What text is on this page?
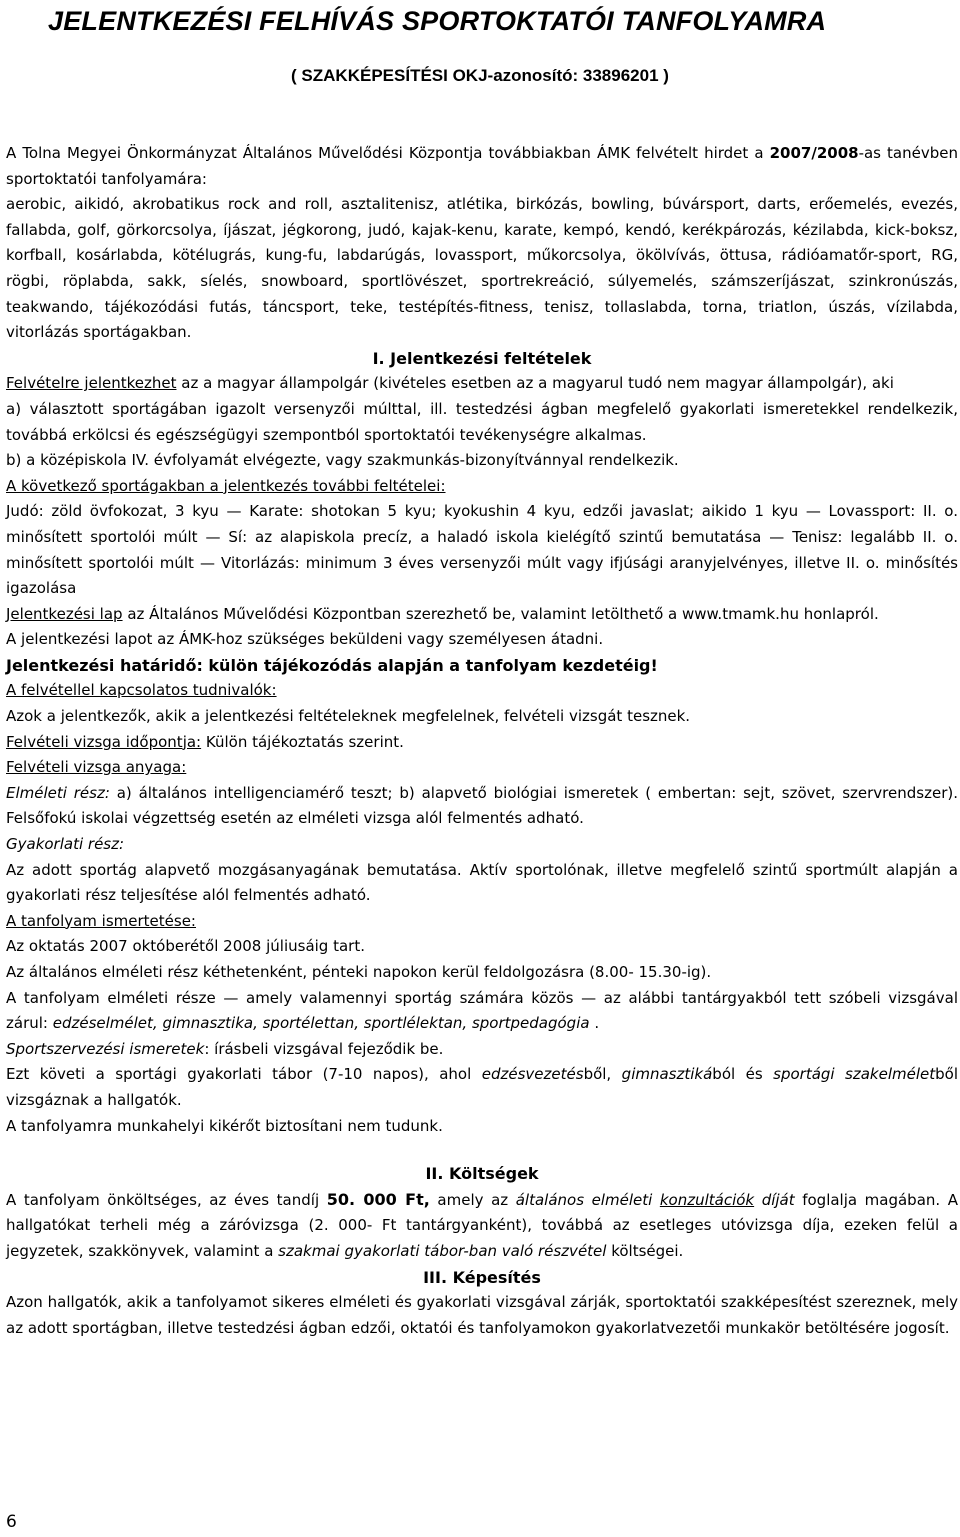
JELENTKEZÉSI FELHÍVÁS SPORTOKTATÓI TANFOLYAMRA
( SZAKKÉPESÍTÉSI OKJ-azonosító: 33896201 )

A Tolna Megyei Önkormányzat Általános Művelődési Központja továbbiakban ÁMK felvételt hirdet a 2007/2008-as tanévben sportoktatói tanfolyamára:
aerobic, aikidó, akrobatikus rock and roll, asztalitenisz, atlétika, birkózás, bowling, búvársport, darts, erőemelés, evezés, fallabda, golf, görkorcsolya, íjászat, jégkorong, judó, kajak-kenu, karate, kempó, kendó, kerékpározás, kézilabda, kick-boksz, korfball, kosárlabda, kötélugrás, kung-fu, labdarúgás, lovassport, műkorcsolya, ökölvívás, öttusa, rádióamatőr-sport, RG, rögbi, röplabda, sakk, síelés, snowboard, sportlövészet, sportrekreáció, súlyemelés, számszeríjászat, szinkronúszás, teakwando, tájékozódási futás, táncsport, teke, testépítés-fitness, tenisz, tollaslabda, torna, triatlon, úszás, vízilabda, vitorlázás sportágakban.

I. Jelentkezési feltételek

Felvételre jelentkezhet az a magyar állampolgár (kivételes esetben az a magyarul tudó nem magyar állampolgár), aki

a) választott sportágában igazolt versenyzői múlttal, ill. testedzési ágban megfelelő gyakorlati ismeretekkel rendelkezik, továbbá erkölcsi és egészségügyi szempontból sportoktatói tevékenységre alkalmas.

b) a középiskola IV. évfolyamát elvégezte, vagy szakmunkás-bizonyítvánnyal rendelkezik.

A következő sportágakban a jelentkezés további feltételei:
Judó: zöld övfokozat, 3 kyu — Karate: shotokan 5 kyu; kyokushin 4 kyu, edzői javaslat; aikido 1 kyu — Lovassport: II. o. minősített sportolói múlt — Sí: az alapiskola precíz, a haladó iskola kielégítő szintű bemutatása — Tenisz: legalább II. o. minősített sportolói múlt — Vitorlázás: minimum 3 éves versenyzői múlt vagy ifjúsági aranyjelvényes, illetve II. o. minősítés igazolása

Jelentkezési lap az Általános Művelődési Központban szerezhető be, valamint letölthető a www.tmamk.hu honlapról.

A jelentkezési lapot az ÁMK-hoz szükséges beküldeni vagy személyesen átadni.

Jelentkezési határidő: külön tájékozódás alapján a tanfolyam kezdetéig!

A felvétellel kapcsolatos tudnivalók:
Azok a jelentkezők, akik a jelentkezési feltételeknek megfelelnek, felvételi vizsgát tesznek.

Felvételi vizsga időpontja: Külön tájékoztatás szerint.

Felvételi vizsga anyaga:

Elméleti rész: a) általános intelligenciamérő teszt; b) alapvető biológiai ismeretek ( embertan: sejt, szövet, szervrendszer). Felsőfokú iskolai végzettség esetén az elméleti vizsga alól felmentés adható.

Gyakorlati rész:
Az adott sportág alapvető mozgásanyagának bemutatása. Aktív sportolónak, illetve megfelelő szintű sportmúlt alapján a gyakorlati rész teljesítése alól felmentés adható.

A tanfolyam ismertetése:

Az oktatás 2007 októberétől 2008 júliusáig tart.

Az általános elméleti rész kéthetenként, pénteki napokon kerül feldolgozásra (8.00- 15.30-ig).

A tanfolyam elméleti része — amely valamennyi sportág számára közös — az alábbi tantárgyakból tett szóbeli vizsgával zárul: edzéselmélet, gimnasztika, sportélettan, sportlélektan, sportpedagógia .
Sportszervezési ismeretek: írásbeli vizsgával fejeződik be.

Ezt követi a sportági gyakorlati tábor (7-10 napos), ahol edzésvezetésből, gimnasztikából és sportági szakelméletből vizsgáznak a hallgatók.

A tanfolyamra munkahelyi kikérőt biztosítani nem tudunk.

II. Költségek

A tanfolyam önköltséges, az éves tandíj 50. 000 Ft, amely az általános elméleti konzultációk díját foglalja magában. A hallgatókat terheli még a záróvizsga (2. 000- Ft tantárgyanként), továbbá az esetleges utóvizsga díja, ezeken felül a jegyzetek, szakkönyvek, valamint a szakmai gyakorlati tábor-ban való részvétel költségei.

III. Képesítés

Azon hallgatók, akik a tanfolyamot sikeres elméleti és gyakorlati vizsgával zárják, sportoktatói szakképesítést szereznek, mely az adott sportágban, illetve testedzési ágban edzői, oktatói és tanfolyamokon gyakorlatvezetői munkakör betöltésére jogosít.

6
